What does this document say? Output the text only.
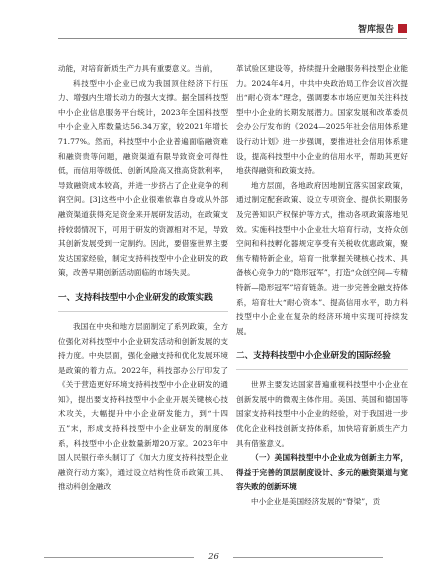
智库报告

动能，对培育新质生产力具有重要意义。当前，

科技型中小企业已成为我国顶住经济下行压力、增强内生增长动力的强大支撑。据全国科技型中小企业信息服务平台统计，2023年全国科技型中小企业入库数量达56.34万家，较2021年增长71.77%。然而，科技型中小企业普遍面临融资难和融资贵等问题，融资渠道有限导致资金可得性低，而信用等级低、创新风险高又推高贷款利率，导致融资成本较高，并进一步挤占了企业竞争的利润空间。[3]这些中小企业很难依靠自身或从外部融资渠道获得充足资金来开展研发活动，在政策支持较弱情况下，可用于研发的资源相对不足，导致其创新发展受到一定制约。因此，要借鉴世界主要发达国家经验，制定支持科技型中小企业研发的政策，改善早期创新活动面临的市场失灵。

一、支持科技型中小企业研发的政策实践

我国在中央和地方层面制定了系列政策，全方位强化对科技型中小企业研发活动和创新发展的支持力度。中央层面，强化金融支持和优化发展环境是政策的着力点。2022年，科技部办公厅印发了《关于营造更好环境支持科技型中小企业研发的通知》，提出要支持科技型中小企业开展关键核心技术攻关，大幅提升中小企业研发能力，到“十四五”末，形成支持科技型中小企业研发的制度体系，科技型中小企业数量新增20万家。2023年中国人民银行牵头制订了《加大力度支持科技型企业融资行动方案》，通过设立结构性货币政策工具、推动科创金融改

革试验区建设等，持续提升金融服务科技型企业能力。2024年4月，中共中央政治局工作会议首次提出“耐心资本”理念，强调要本市场应更加关注科技型中小企业的长期发展潜力。国家发展和改革委员会办公厅发布的《2024—2025年社会信用体系建设行动计划》进一步强调，要推进社会信用体系建设，提高科技型中小企业的信用水平，帮助其更好地获得融资和政策支持。

地方层面，各地政府因地制宜落实国家政策，通过制定配套政策、设立专项资金、提供长期服务及完善知识产权保护等方式，推动各项政策落地见效。实施科技型中小企业壮大培育行动，支持众创空间和科技孵化器规定享受有关税收优惠政策，聚焦专精特新企业，培育一批掌握关键核心技术、具备核心竞争力的“隐形冠军”，打造“众创空间—专精特新—隐形冠军”培育链条。进一步完善金融支持体系，培育壮大“耐心资本”、提高信用水平，助力科技型中小企业在复杂的经济环境中实现可持续发展。

二、支持科技型中小企业研发的国际经验

世界主要发达国家普遍重视科技型中小企业在创新发展中的微观主体作用。美国、英国和德国等国家支持科技型中小企业的经验，对于我国进一步优化企业科技创新支持体系，加快培育新质生产力具有借鉴意义。

（一）美国科技型中小企业成为创新主力军，得益于完善的顶层制度设计、多元的融资渠道与宽容失败的创新环境

中小企业是美国经济发展的“脊梁”，贡

26
